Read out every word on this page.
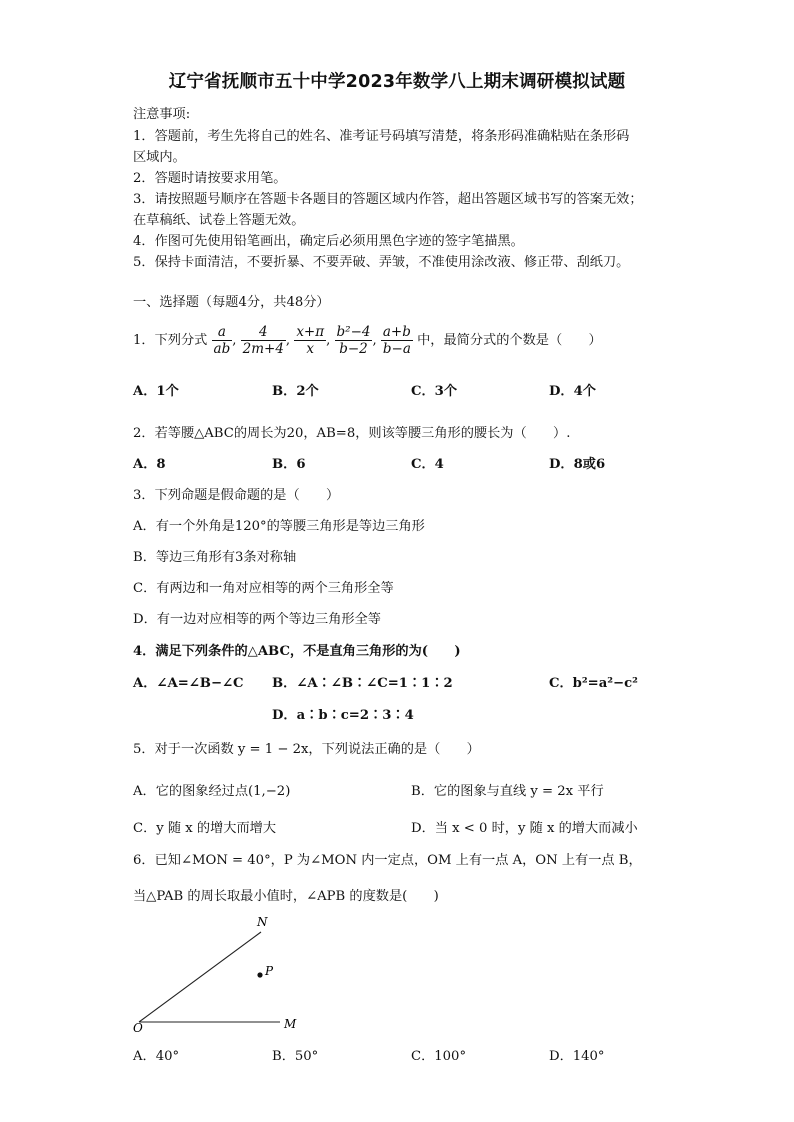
辽宁省抚顺市五十中学2023年数学八上期末调研模拟试题
注意事项:
1．答题前，考生先将自己的姓名、准考证号码填写清楚，将条形码准确粘贴在条形码
区域内。
2．答题时请按要求用笔。
3．请按照题号顺序在答题卡各题目的答题区域内作答，超出答题区域书写的答案无效；
在草稿纸、试卷上答题无效。
4．作图可先使用铅笔画出，确定后必须用黑色字迹的签字笔描黑。
5．保持卡面清洁，不要折暴、不要弄破、弄皱，不准使用涂改液、修正带、刮纸刀。
一、选择题（每题4分，共48分）
1．下列分式 $\frac{a}{ab}$ , $\frac{4}{2m+4}$ , $\frac{x+\pi}{x}$ , $\frac{\text{b²−4}}{b-2}$ , $\frac{a+b}{b-a}$ 中，最简分式的个数是（　　）
A．1个	B．2个	C．3个	D．4个
2．若等腰△ABC的周长为20，AB=8，则该等腰三角形的腰长为（　　）.
A．8	B．6	C．4	D．8或6
3．下列命题是假命题的是（　　）
A．有一个外角是120°的等腰三角形是等边三角形
B．等边三角形有3条对称轴
C．有两边和一角对应相等的两个三角形全等
D．有一边对应相等的两个等边三角形全等
4．满足下列条件的△ABC，不是直角三角形的为(　　)
A．∠A=∠B−∠C B．∠A∶∠B∶∠C=1∶1∶2	C．b²=a²−c²
D．a∶b∶c=2∶3∶4
5．对于一次函数 y = 1 − 2x，下列说法正确的是（　　）
A．它的图象经过点(1,−2)	B．它的图象与直线 y = 2x 平行
C．y 随 x 的增大而增大	D．当 x < 0 时，y 随 x 的增大而减小
6．已知∠MON = 40°，P 为∠MON 内一定点，OM 上有一点 A，ON 上有一点 B，
当△PAB 的周长取最小值时，∠APB 的度数是(　　)
N
P
O	M
A．40°	B．50°	C．100°	D．140°
